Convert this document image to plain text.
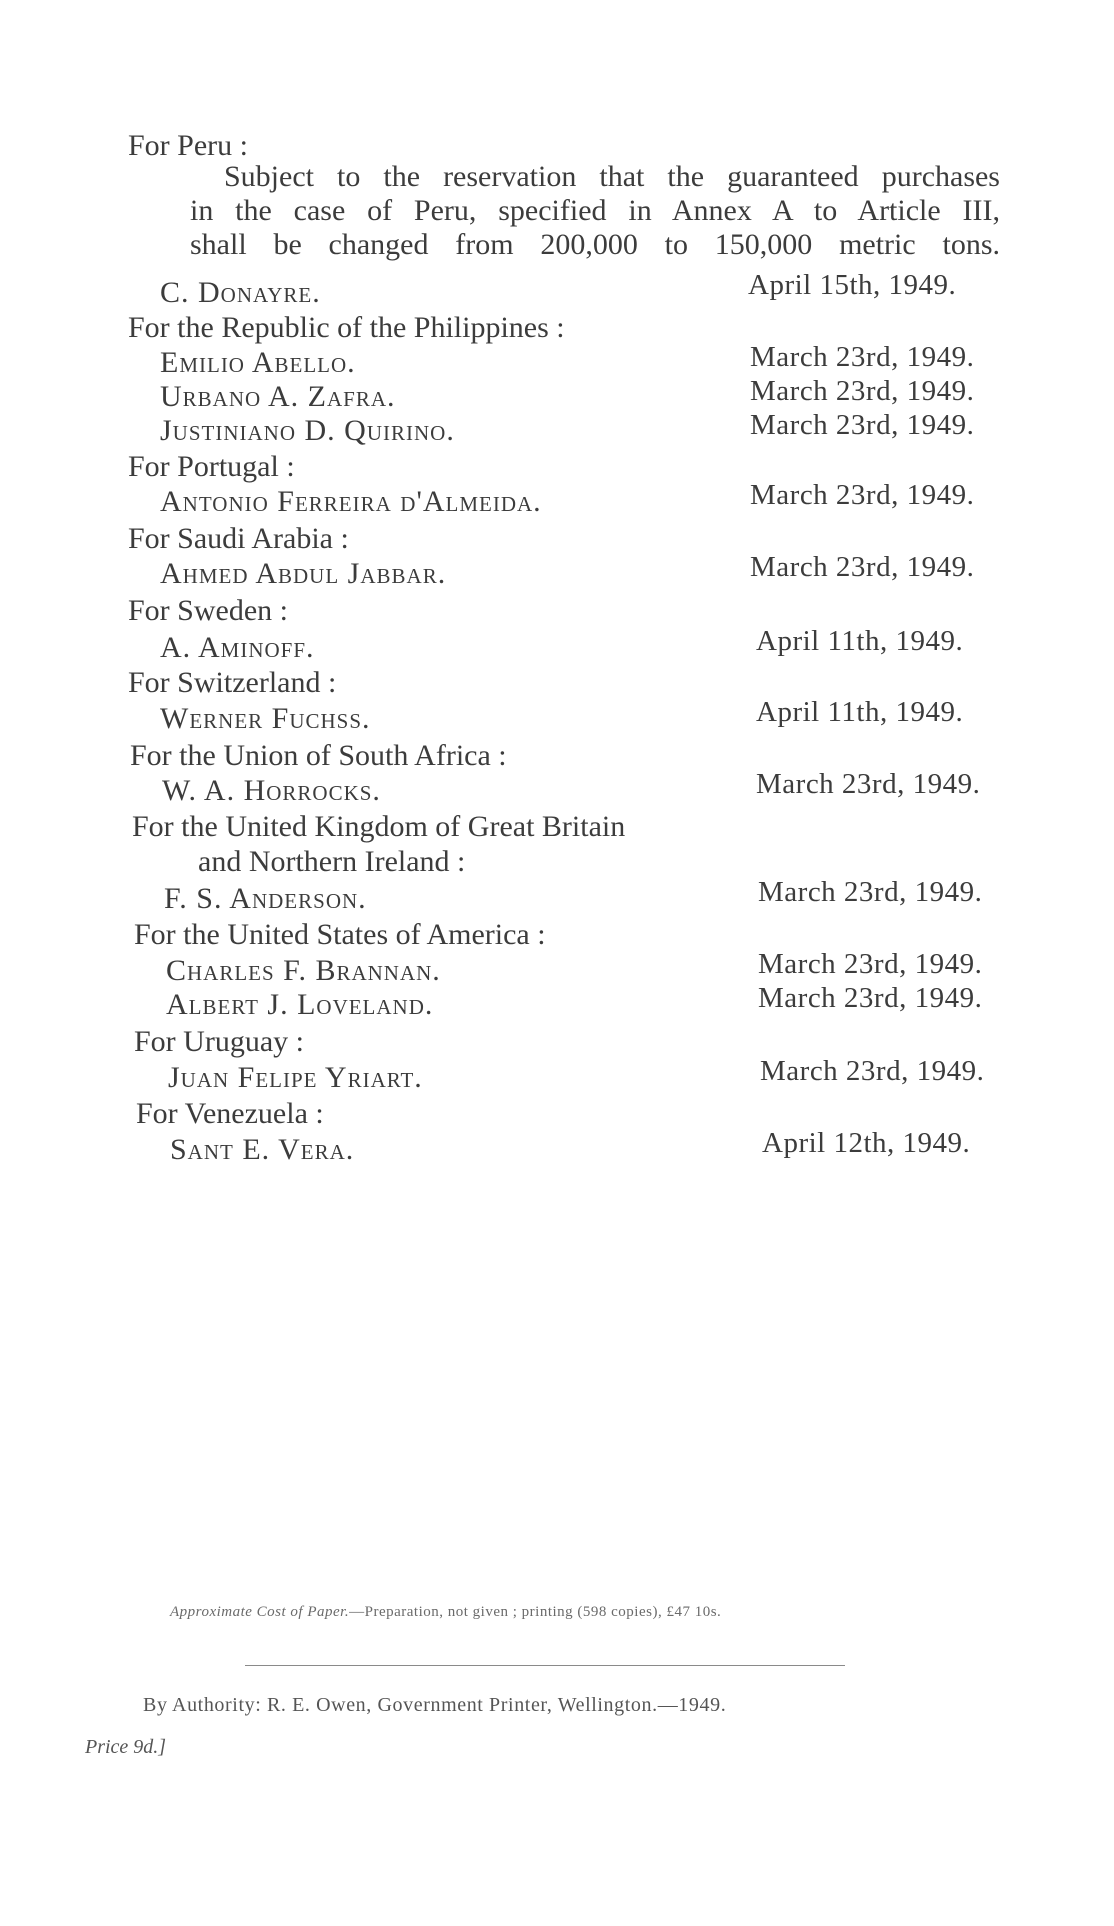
For Peru :
Subject to the reservation that the guaranteed purchases
in the case of Peru, specified in Annex A to Article III,
shall be changed from 200,000 to 150,000 metric tons.
C. Donayre.	April 15th, 1949.
For the Republic of the Philippines :
Emilio Abello.	March 23rd, 1949.
Urbano A. Zafra.	March 23rd, 1949.
Justiniano D. Quirino.	March 23rd, 1949.
For Portugal :
Antonio Ferreira d'Almeida.	March 23rd, 1949.
For Saudi Arabia :
Ahmed Abdul Jabbar.	March 23rd, 1949.
For Sweden :
A. Aminoff.	April 11th, 1949.
For Switzerland :
Werner Fuchss.	April 11th, 1949.
For the Union of South Africa :
W. A. Horrocks.	March 23rd, 1949.
For the United Kingdom of Great Britain
and Northern Ireland :
F. S. Anderson.	March 23rd, 1949.
For the United States of America :
Charles F. Brannan.	March 23rd, 1949.
Albert J. Loveland.	March 23rd, 1949.
For Uruguay :
Juan Felipe Yriart.	March 23rd, 1949.
For Venezuela :
Sant E. Vera.	April 12th, 1949.
Approximate Cost of Paper.—Preparation, not given ; printing (598 copies), £47 10s.
By Authority: R. E. Owen, Government Printer, Wellington.—1949.
Price 9d.]
